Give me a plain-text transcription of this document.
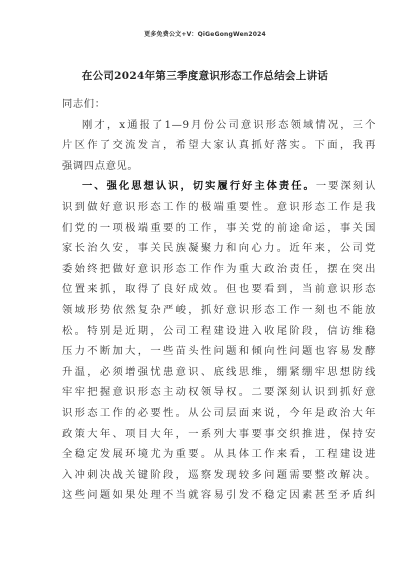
更多免费公文+V：QiGeGongWen2024
在公司2024年第三季度意识形态工作总结会上讲话
同志们：
刚才，x通报了1—9月份公司意识形态领域情况，三个
片区作了交流发言，希望大家认真抓好落实。下面，我再
强调四点意见。
一、强化思想认识，切实履行好主体责任。一要深刻认
识到做好意识形态工作的极端重要性。意识形态工作是我
们党的一项极端重要的工作，事关党的前途命运，事关国
家长治久安，事关民族凝聚力和向心力。近年来，公司党
委始终把做好意识形态工作作为重大政治责任，摆在突出
位置来抓，取得了良好成效。但也要看到，当前意识形态
领域形势依然复杂严峻，抓好意识形态工作一刻也不能放
松。特别是近期，公司工程建设进入收尾阶段，信访维稳
压力不断加大，一些苗头性问题和倾向性问题也容易发酵
升温，必须增强忧患意识、底线思维，绷紧绷牢思想防线
牢牢把握意识形态主动权领导权。二要深刻认识到抓好意
识形态工作的必要性。从公司层面来说，今年是政治大年
政策大年、项目大年，一系列大事要事交织推进，保持安
全稳定发展环境尤为重要。从具体工作来看，工程建设进
入冲刺决战关键阶段，巡察发现较多问题需要整改解决。
这些问题如果处理不当就容易引发不稳定因素甚至矛盾纠
